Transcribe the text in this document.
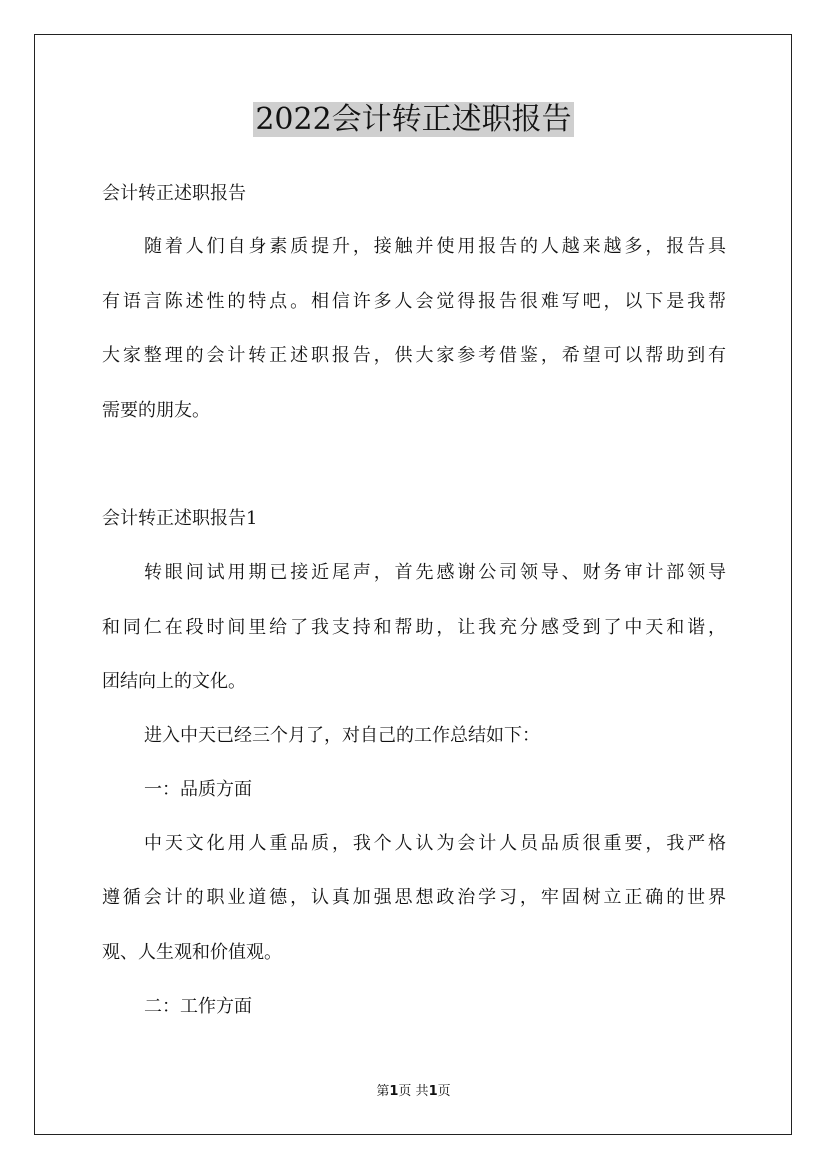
2022会计转正述职报告
会计转正述职报告
随着人们自身素质提升，接触并使用报告的人越来越多，报告具
有语言陈述性的特点。相信许多人会觉得报告很难写吧，以下是我帮
大家整理的会计转正述职报告，供大家参考借鉴，希望可以帮助到有
需要的朋友。
会计转正述职报告1
转眼间试用期已接近尾声，首先感谢公司领导、财务审计部领导
和同仁在段时间里给了我支持和帮助，让我充分感受到了中天和谐，
团结向上的文化。
进入中天已经三个月了，对自己的工作总结如下：
一：品质方面
中天文化用人重品质，我个人认为会计人员品质很重要，我严格
遵循会计的职业道德，认真加强思想政治学习，牢固树立正确的世界
观、人生观和价值观。
二：工作方面
第1页 共1页
